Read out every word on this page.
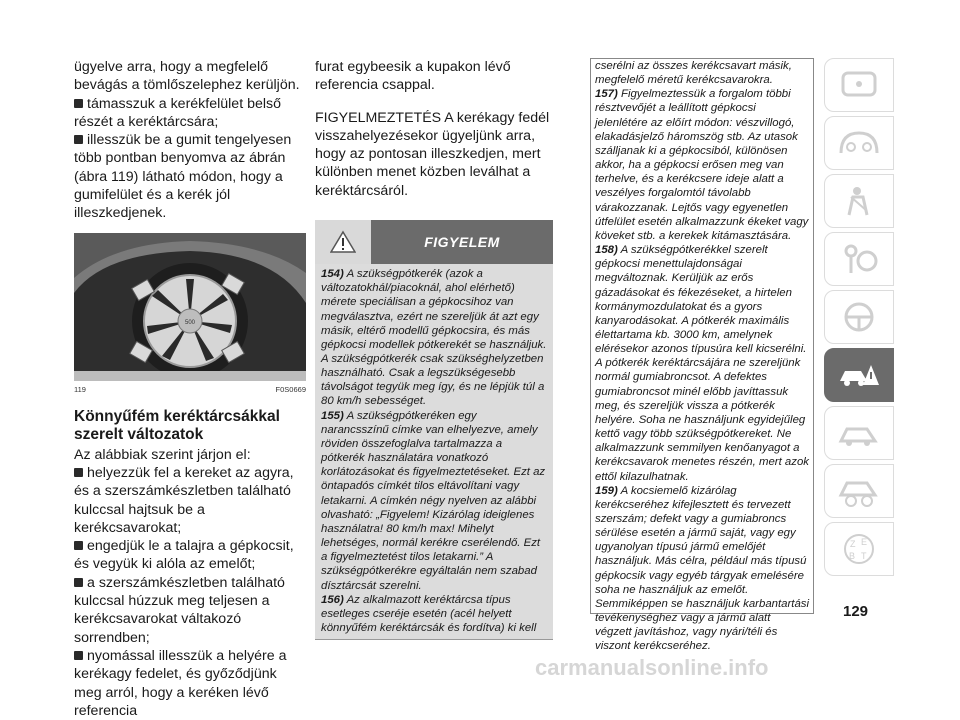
ügyelve arra, hogy a megfelelő bevágás a tömlőszelephez kerüljön.

támasszuk a kerékfelület belső részét a keréktárcsára;

illesszük be a gumit tengelyesen több pontban benyomva az ábrán (ábra 119) látható módon, hogy a gumifelület és a kerék jól illeszkedjenek.

500
119	F0S0669

Könnyűfém keréktárcsákkal szerelt változatok

Az alábbiak szerint járjon el:

helyezzük fel a kereket az agyra, és a szerszámkészletben található kulccsal hajtsuk be a kerékcsavarokat;

engedjük le a talajra a gépkocsit, és vegyük ki alóla az emelőt;

a szerszámkészletben található kulccsal húzzuk meg teljesen a kerékcsavarokat váltakozó sorrendben;

nyomással illesszük a helyére a kerékagy fedelet, és győződjünk meg arról, hogy a keréken lévő referencia

furat egybeesik a kupakon lévő referencia csappal.

FIGYELMEZTETÉS A kerékagy fedél visszahelyezésekor ügyeljünk arra, hogy az pontosan illeszkedjen, mert különben menet közben leválhat a keréktárcsáról.

FIGYELEM

154) A szükségpótkerék (azok a változatokhál/piacoknál, ahol elérhető) mérete speciálisan a gépkocsihoz van megválasztva, ezért ne szereljük át azt egy másik, eltérő modellű gépkocsira, és más gépkocsi modellek pótkerekét se használjuk. A szükségpótkerék csak szükséghelyzetben használható. Csak a legszükségesebb távolságot tegyük meg így, és ne lépjük túl a 80 km/h sebességet.

155) A szükségpótkeréken egy narancsszínű címke van elhelyezve, amely röviden összefoglalva tartalmazza a pótkerék használatára vonatkozó korlátozásokat és figyelmeztetéseket. Ezt az öntapadós címkét tilos eltávolítani vagy letakarni. A címkén négy nyelven az alábbi olvasható: „Figyelem! Kizárólag ideiglenes használatra! 80 km/h max! Mihelyt lehetséges, normál kerékre cserélendő. Ezt a figyelmeztetést tilos letakarni.” A szükségpótkerékre egyáltalán nem szabad dísztárcsát szerelni.

156) Az alkalmazott keréktárcsa típus esetleges cseréje esetén (acél helyett könnyűfém keréktárcsák és fordítva) ki kell

cserélni az összes kerékcsavart másik, megfelelő méretű kerékcsavarokra.

157) Figyelmeztessük a forgalom többi résztvevőjét a leállított gépkocsi jelenlétére az előírt módon: vészvillogó, elakadásjelző háromszög stb. Az utasok szálljanak ki a gépkocsiból, különösen akkor, ha a gépkocsi erősen meg van terhelve, és a kerékcsere ideje alatt a veszélyes forgalomtól távolabb várakozzanak. Lejtős vagy egyenetlen útfelület esetén alkalmazzunk ékeket vagy köveket stb. a kerekek kitámasztására.

158) A szükségpótkerékkel szerelt gépkocsi menettulajdonságai megváltoznak. Kerüljük az erős gázadásokat és fékezéseket, a hirtelen kormánymozdulatokat és a gyors kanyarodásokat. A pótkerék maximális élettartama kb. 3000 km, amelynek elérésekor azonos típusúra kell kicserélni. A pótkerék keréktárcsájára ne szereljünk normál gumiabroncsot. A defektes gumiabroncsot minél előbb javíttassuk meg, és szereljük vissza a pótkerék helyére. Soha ne használjunk egyidejűleg kettő vagy több szükségpótkereket. Ne alkalmazzunk semmilyen kenőanyagot a kerékcsavarok menetes részén, mert azok ettől kilazulhatnak.

159) A kocsiemelő kizárólag kerékcseréhez kifejlesztett és tervezett szerszám; defekt vagy a gumiabroncs sérülése esetén a jármű saját, vagy egy ugyanolyan típusú jármű emelőjét használjuk. Más célra, például más típusú gépkocsik vagy egyéb tárgyak emelésére soha ne használjuk az emelőt. Semmiképpen se használjuk karbantartási tevékenységhez vagy a jármű alatt végzett javításhoz, vagy nyári/téli és viszont kerékcseréhez.

Z E
B T
129
carmanualsonline.info
